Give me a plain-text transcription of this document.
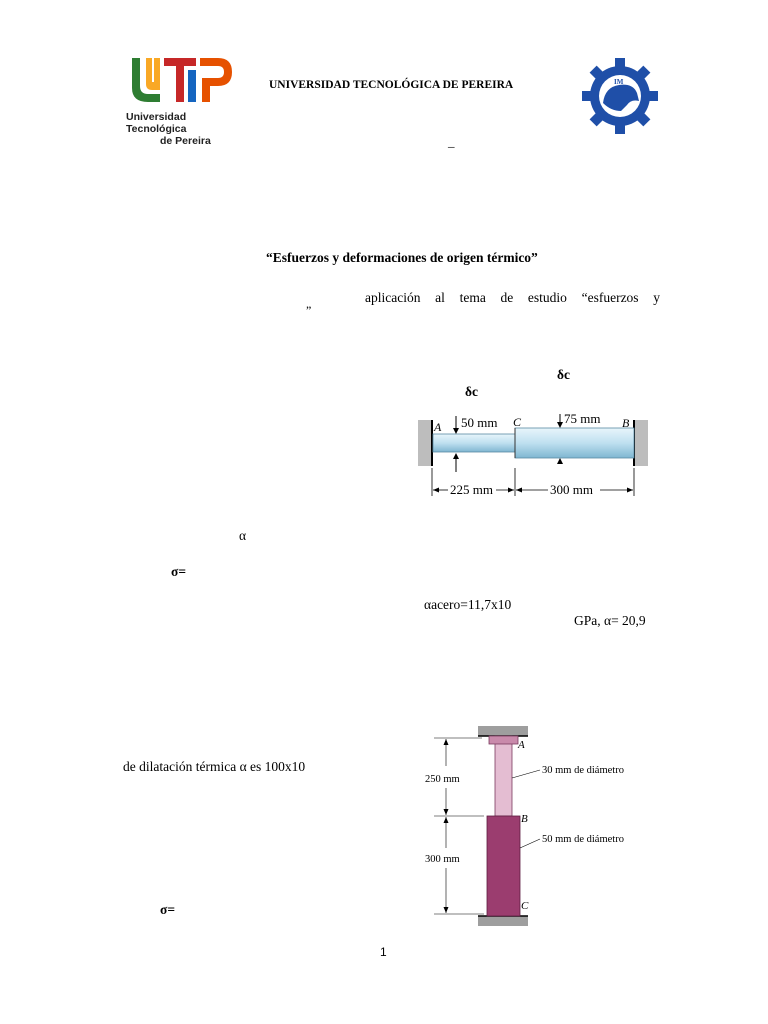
Universidad Tecnológica
de Pereira
UNIVERSIDAD TECNOLÓGICA DE PEREIRA
_
IM
“Esfuerzos y deformaciones de origen térmico”
aplicación al tema de estudio “esfuerzos y
”
δc
δc
A 50 mm C	75 mm B
225 mm	300 mm
α
σ=
αacero=11,7x10
GPa, α= 20,9
250 mm
300 mm
A
B
C
30 mm de diámetro
50 mm de diámetro
de dilatación térmica α es 100x10
σ=
1
